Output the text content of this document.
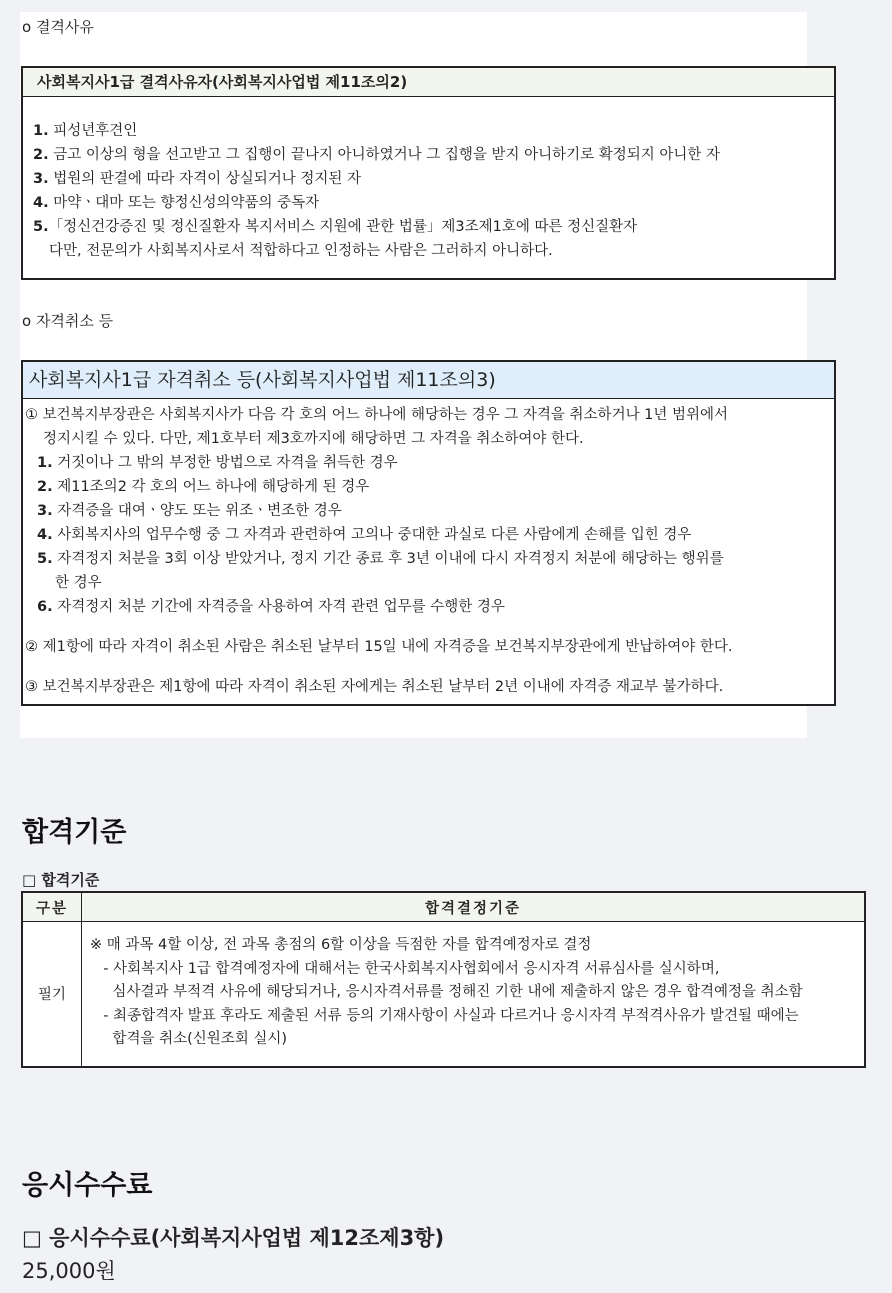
o 결격사유
사회복지사1급 결격사유자(사회복지사업법 제11조의2)
1. 피성년후견인
2. 금고 이상의 형을 선고받고 그 집행이 끝나지 아니하였거나 그 집행을 받지 아니하기로 확정되지 아니한 자
3. 법원의 판결에 따라 자격이 상실되거나 정지된 자
4. 마약ㆍ대마 또는 향정신성의약품의 중독자
5.「정신건강증진 및 정신질환자 복지서비스 지원에 관한 법률」제3조제1호에 따른 정신질환자
다만, 전문의가 사회복지사로서 적합하다고 인정하는 사람은 그러하지 아니하다.
o 자격취소 등
사회복지사1급 자격취소 등(사회복지사업법 제11조의3)
① 보건복지부장관은 사회복지사가 다음 각 호의 어느 하나에 해당하는 경우 그 자격을 취소하거나 1년 범위에서
정지시킬 수 있다. 다만, 제1호부터 제3호까지에 해당하면 그 자격을 취소하여야 한다.
1. 거짓이나 그 밖의 부정한 방법으로 자격을 취득한 경우
2. 제11조의2 각 호의 어느 하나에 해당하게 된 경우
3. 자격증을 대여ㆍ양도 또는 위조ㆍ변조한 경우
4. 사회복지사의 업무수행 중 그 자격과 관련하여 고의나 중대한 과실로 다른 사람에게 손해를 입힌 경우
5. 자격정지 처분을 3회 이상 받았거나, 정지 기간 종료 후 3년 이내에 다시 자격정지 처분에 해당하는 행위를
한 경우
6. 자격정지 처분 기간에 자격증을 사용하여 자격 관련 업무를 수행한 경우
② 제1항에 따라 자격이 취소된 사람은 취소된 날부터 15일 내에 자격증을 보건복지부장관에게 반납하여야 한다.
③ 보건복지부장관은 제1항에 따라 자격이 취소된 자에게는 취소된 날부터 2년 이내에 자격증 재교부 불가하다.
합격기준
□ 합격기준
구분	합격결정기준
필기	※ 매 과목 4할 이상, 전 과목 총점의 6할 이상을 득점한 자를 합격예정자로 결정
- 사회복지사 1급 합격예정자에 대해서는 한국사회복지사협회에서 응시자격 서류심사를 실시하며,
심사결과 부적격 사유에 해당되거나, 응시자격서류를 정해진 기한 내에 제출하지 않은 경우 합격예정을 취소함
- 최종합격자 발표 후라도 제출된 서류 등의 기재사항이 사실과 다르거나 응시자격 부적격사유가 발견될 때에는
합격을 취소(신원조회 실시)
응시수수료
□ 응시수수료(사회복지사업법 제12조제3항)
25,000원
